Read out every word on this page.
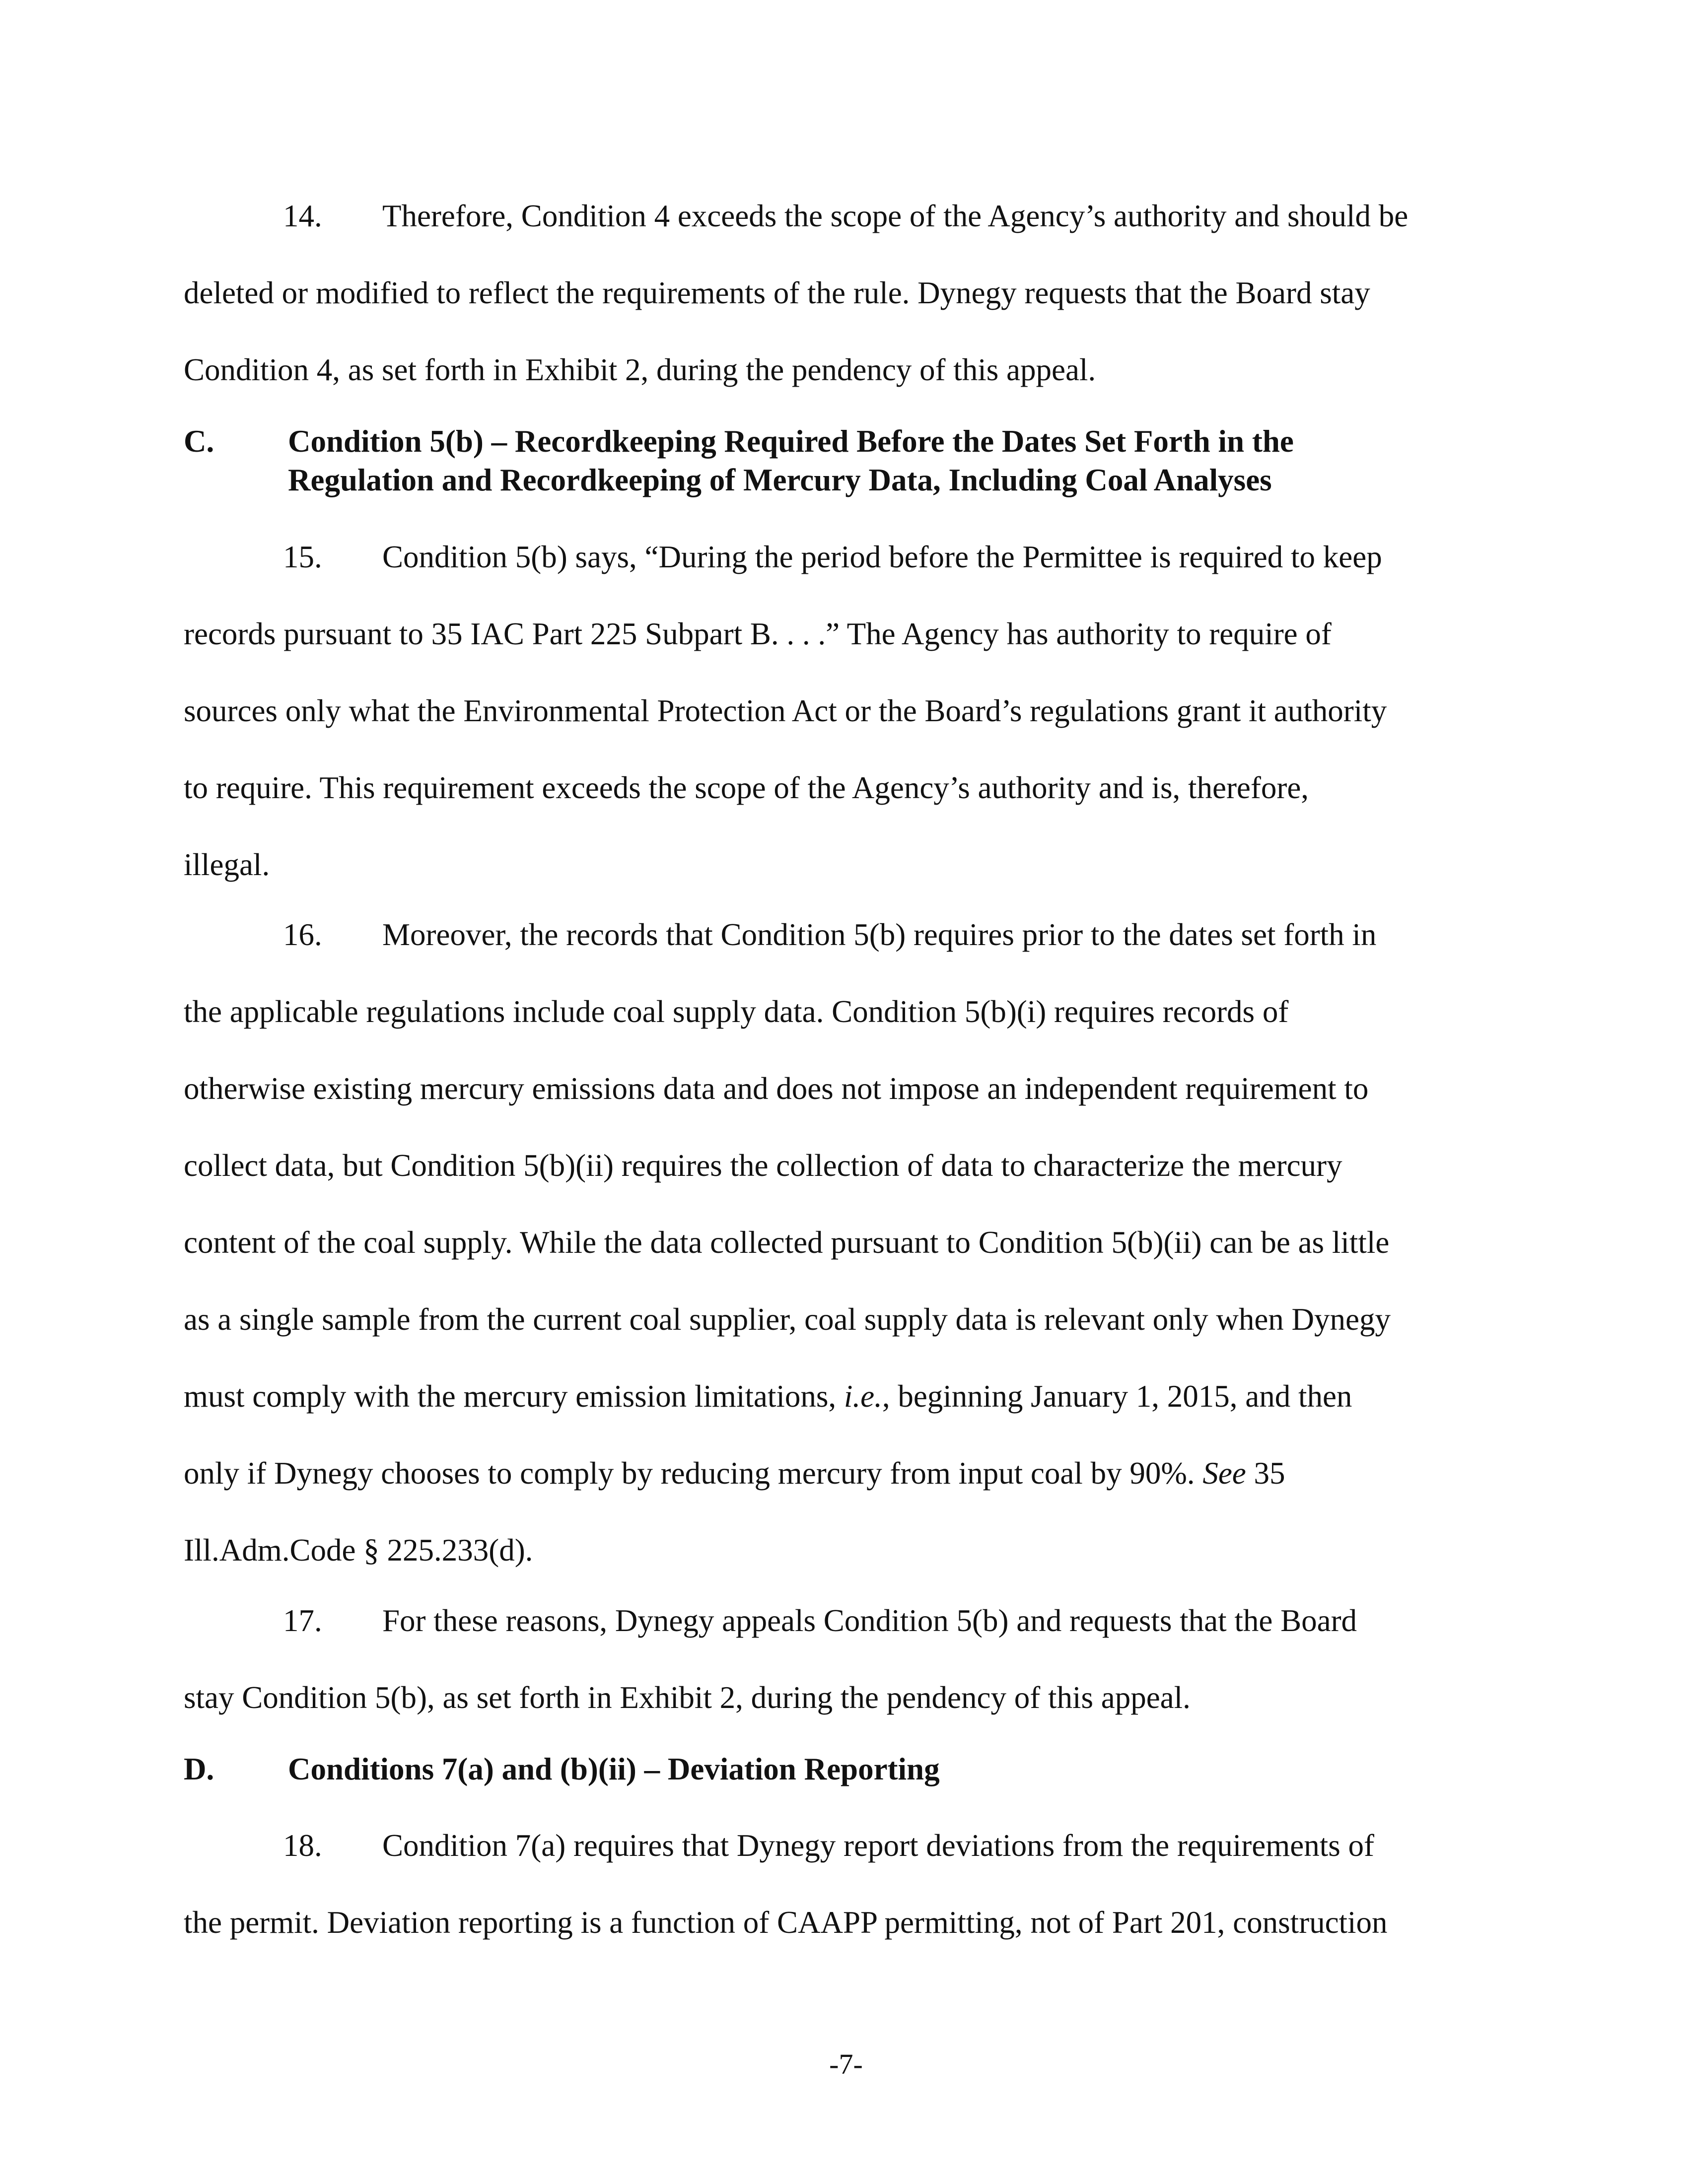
14. Therefore, Condition 4 exceeds the scope of the Agency’s authority and should be
deleted or modified to reflect the requirements of the rule. Dynegy requests that the Board stay
Condition 4, as set forth in Exhibit 2, during the pendency of this appeal.
C. Condition 5(b) – Recordkeeping Required Before the Dates Set Forth in the
Regulation and Recordkeeping of Mercury Data, Including Coal Analyses
15. Condition 5(b) says, “During the period before the Permittee is required to keep
records pursuant to 35 IAC Part 225 Subpart B. . . .” The Agency has authority to require of
sources only what the Environmental Protection Act or the Board’s regulations grant it authority
to require. This requirement exceeds the scope of the Agency’s authority and is, therefore,
illegal.
16. Moreover, the records that Condition 5(b) requires prior to the dates set forth in
the applicable regulations include coal supply data. Condition 5(b)(i) requires records of
otherwise existing mercury emissions data and does not impose an independent requirement to
collect data, but Condition 5(b)(ii) requires the collection of data to characterize the mercury
content of the coal supply. While the data collected pursuant to Condition 5(b)(ii) can be as little
as a single sample from the current coal supplier, coal supply data is relevant only when Dynegy
must comply with the mercury emission limitations, i.e., beginning January 1, 2015, and then
only if Dynegy chooses to comply by reducing mercury from input coal by 90%. See 35
Ill.Adm.Code § 225.233(d).
17. For these reasons, Dynegy appeals Condition 5(b) and requests that the Board
stay Condition 5(b), as set forth in Exhibit 2, during the pendency of this appeal.
D. Conditions 7(a) and (b)(ii) – Deviation Reporting
18. Condition 7(a) requires that Dynegy report deviations from the requirements of
the permit. Deviation reporting is a function of CAAPP permitting, not of Part 201, construction
-7-
